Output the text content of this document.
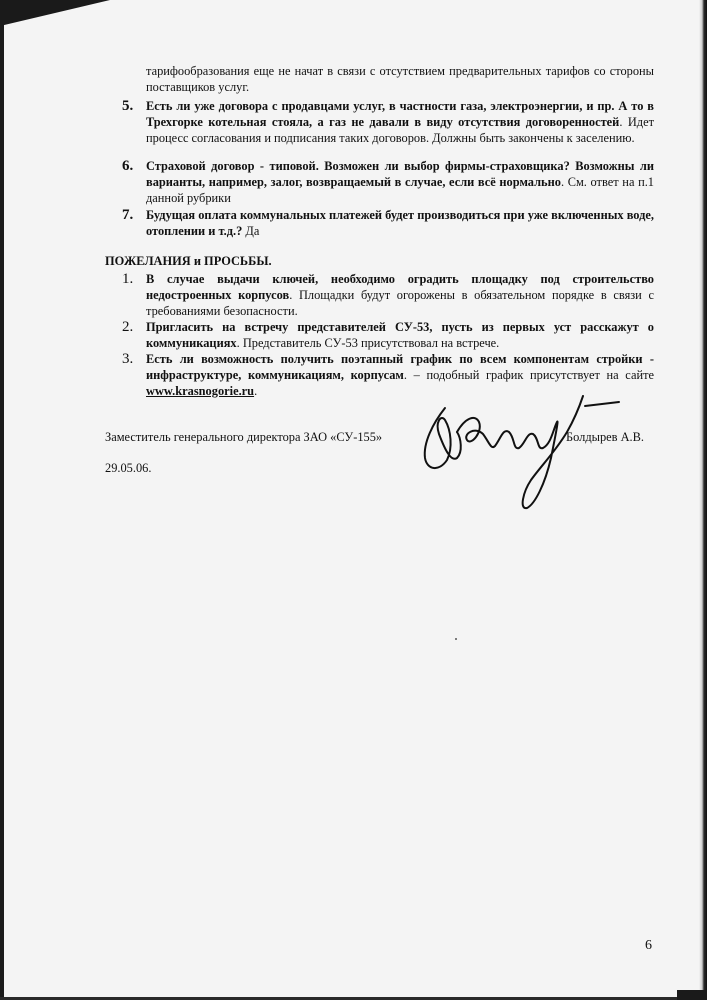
тарифообразования еще не начат в связи с отсутствием предварительных тарифов со стороны поставщиков услуг.
5. Есть ли уже договора с продавцами услуг, в частности газа, электроэнергии, и пр. А то в Трехгорке котельная стояла, а газ не давали в виду отсутствия договоренностей. Идет процесс согласования и подписания таких договоров. Должны быть закончены к заселению.
6. Страховой договор - типовой. Возможен ли выбор фирмы-страховщика? Возможны ли варианты, например, залог, возвращаемый в случае, если всё нормально. См. ответ на п.1 данной рубрики
7. Будущая оплата коммунальных платежей будет производиться при уже включенных воде, отоплении и т.д.? Да
ПОЖЕЛАНИЯ и ПРОСЬБЫ.
1. В случае выдачи ключей, необходимо оградить площадку под строительство недостроенных корпусов. Площадки будут огорожены в обязательном порядке в связи с требованиями безопасности.
2. Пригласить на встречу представителей СУ-53, пусть из первых уст расскажут о коммуникациях. Представитель СУ-53 присутствовал на встрече.
3. Есть ли возможность получить поэтапный график по всем компонентам стройки - инфраструктуре, коммуникациям, корпусам. – подобный график присутствует на сайте www.krasnogorie.ru.
Заместитель генерального директора ЗАО «СУ-155»	Болдырев А.В.
29.05.06.
6
